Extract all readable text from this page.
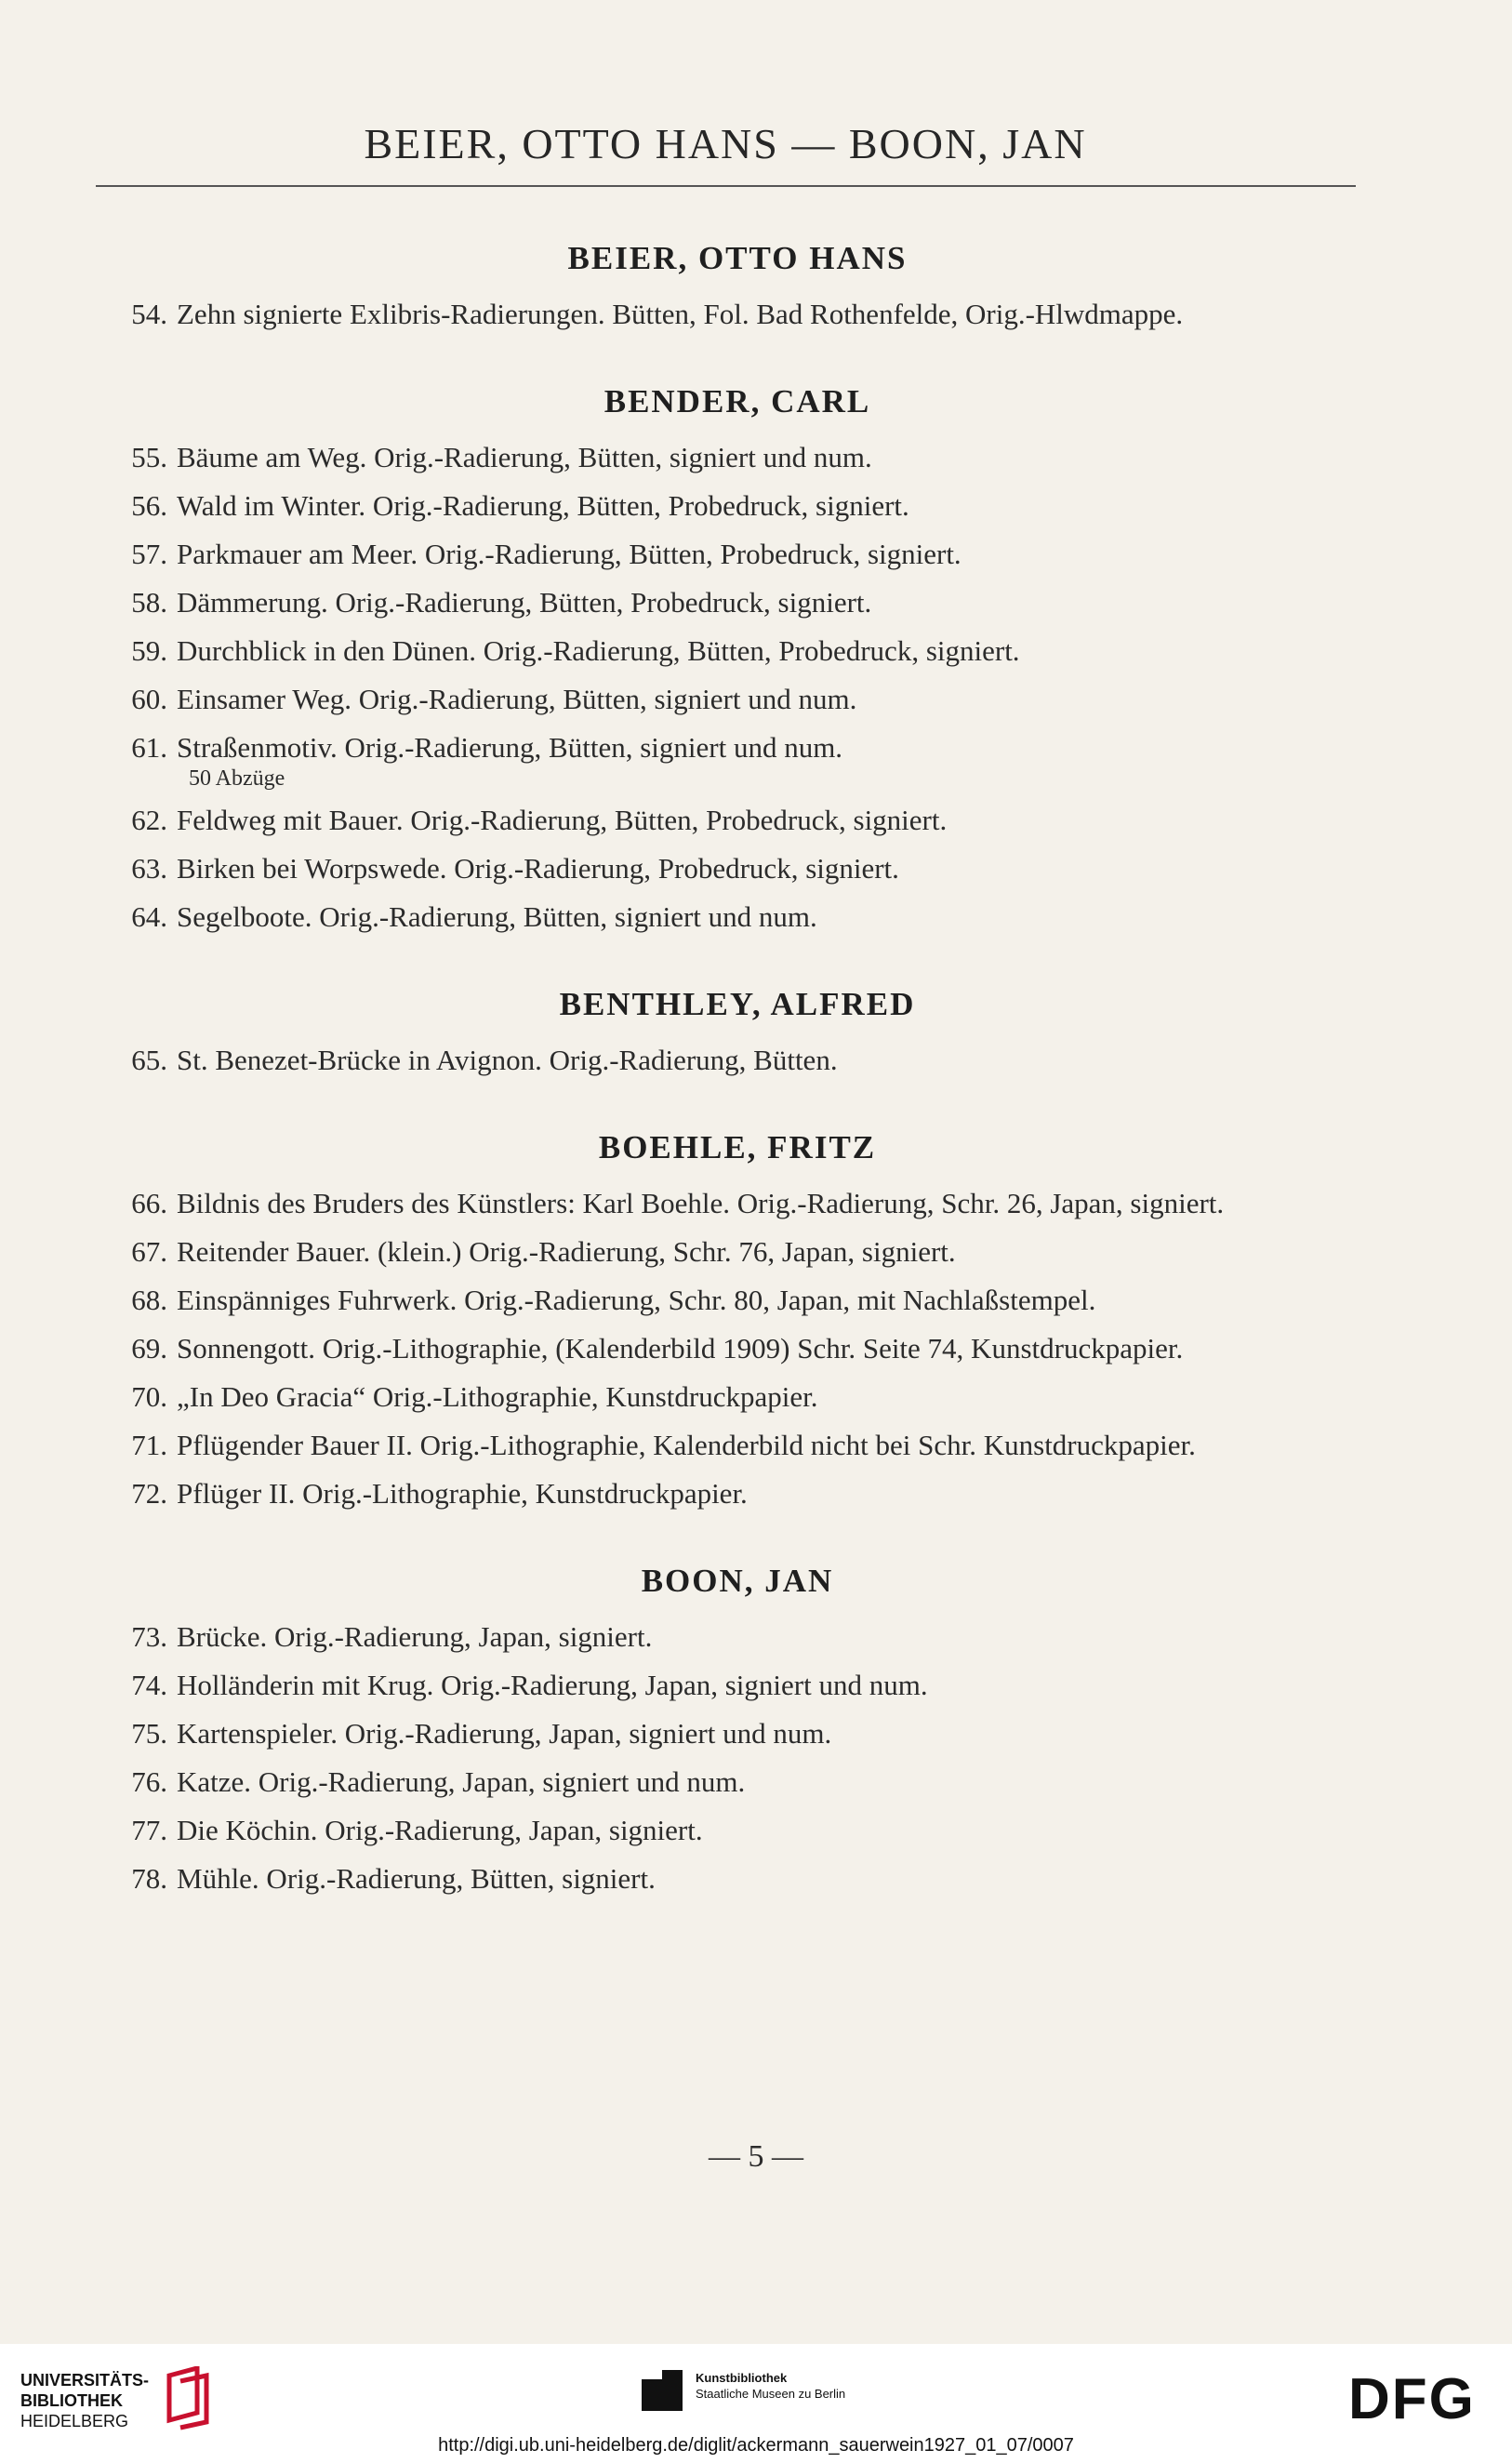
BEIER, OTTO HANS — BOON, JAN
BEIER, OTTO HANS
54. Zehn signierte Exlibris-Radierungen. Bütten, Fol. Bad Rothenfelde, Orig.-Hlwdmappe.
BENDER, CARL
55. Bäume am Weg. Orig.-Radierung, Bütten, signiert und num.
56. Wald im Winter. Orig.-Radierung, Bütten, Probedruck, signiert.
57. Parkmauer am Meer. Orig.-Radierung, Bütten, Probedruck, signiert.
58. Dämmerung. Orig.-Radierung, Bütten, Probedruck, signiert.
59. Durchblick in den Dünen. Orig.-Radierung, Bütten, Probedruck, signiert.
60. Einsamer Weg. Orig.-Radierung, Bütten, signiert und num.
61. Straßenmotiv. Orig.-Radierung, Bütten, signiert und num.
50 Abzüge
62. Feldweg mit Bauer. Orig.-Radierung, Bütten, Probedruck, signiert.
63. Birken bei Worpswede. Orig.-Radierung, Probedruck, signiert.
64. Segelboote. Orig.-Radierung, Bütten, signiert und num.
BENTHLEY, ALFRED
65. St. Benezet-Brücke in Avignon. Orig.-Radierung, Bütten.
BOEHLE, FRITZ
66. Bildnis des Bruders des Künstlers: Karl Boehle. Orig.-Radierung, Schr. 26, Japan, signiert.
67. Reitender Bauer. (klein.) Orig.-Radierung, Schr. 76, Japan, signiert.
68. Einspänniges Fuhrwerk. Orig.-Radierung, Schr. 80, Japan, mit Nachlaßstempel.
69. Sonnengott. Orig.-Lithographie, (Kalenderbild 1909) Schr. Seite 74, Kunstdruckpapier.
70. „In Deo Gracia“ Orig.-Lithographie, Kunstdruckpapier.
71. Pflügender Bauer II. Orig.-Lithographie, Kalenderbild nicht bei Schr. Kunstdruckpapier.
72. Pflüger II. Orig.-Lithographie, Kunstdruckpapier.
BOON, JAN
73. Brücke. Orig.-Radierung, Japan, signiert.
74. Holländerin mit Krug. Orig.-Radierung, Japan, signiert und num.
75. Kartenspieler. Orig.-Radierung, Japan, signiert und num.
76. Katze. Orig.-Radierung, Japan, signiert und num.
77. Die Köchin. Orig.-Radierung, Japan, signiert.
78. Mühle. Orig.-Radierung, Bütten, signiert.
— 5 —
UNIVERSITÄTS-
BIBLIOTHEK
HEIDELBERG
Kunstbibliothek
Staatliche Museen zu Berlin	DFG
http://digi.ub.uni-heidelberg.de/diglit/ackermann_sauerwein1927_01_07/0007
